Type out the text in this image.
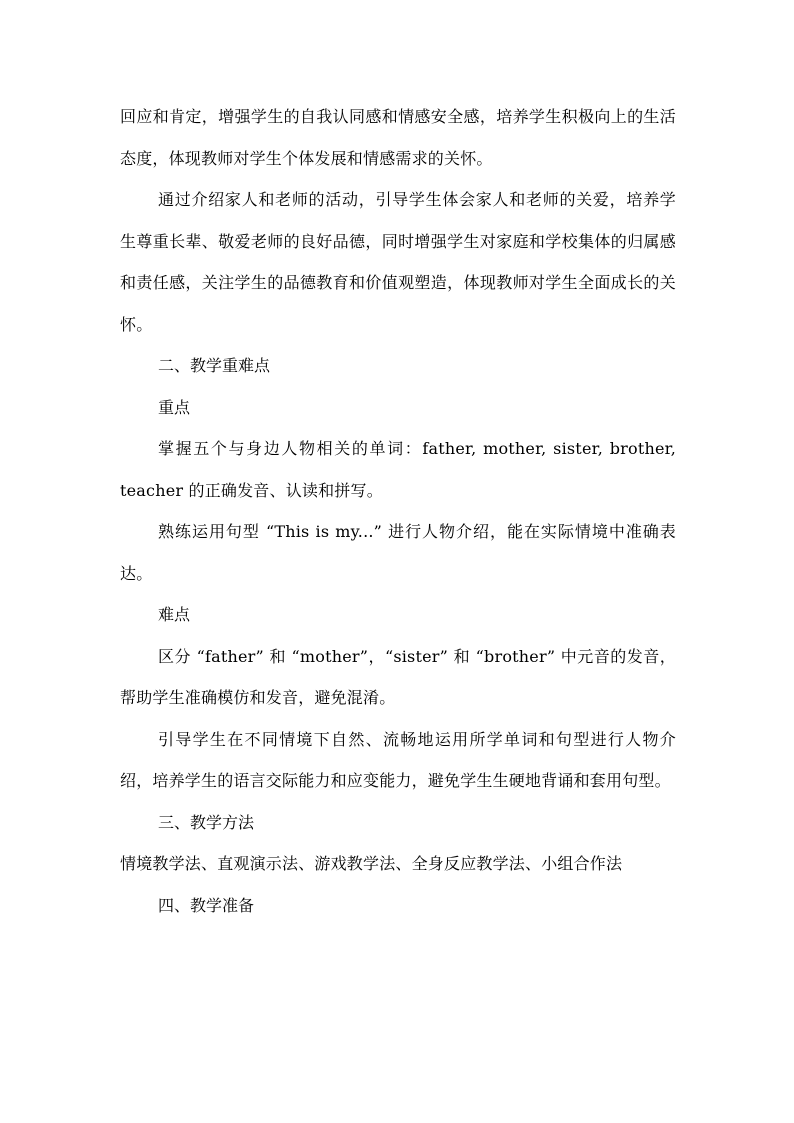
回应和肯定，增强学生的自我认同感和情感安全感，培养学生积极向上的生活态度，体现教师对学生个体发展和情感需求的关怀。

通过介绍家人和老师的活动，引导学生体会家人和老师的关爱，培养学生尊重长辈、敬爱老师的良好品德，同时增强学生对家庭和学校集体的归属感和责任感，关注学生的品德教育和价值观塑造，体现教师对学生全面成长的关怀。

二、教学重难点

重点

掌握五个与身边人物相关的单词：father, mother, sister, brother, teacher 的正确发音、认读和拼写。

熟练运用句型 “This is my...” 进行人物介绍，能在实际情境中准确表达。

难点

区分 “father” 和 “mother”，“sister” 和 “brother” 中元音的发音，帮助学生准确模仿和发音，避免混淆。

引导学生在不同情境下自然、流畅地运用所学单词和句型进行人物介绍，培养学生的语言交际能力和应变能力，避免学生生硬地背诵和套用句型。

三、教学方法

情境教学法、直观演示法、游戏教学法、全身反应教学法、小组合作法

四、教学准备
